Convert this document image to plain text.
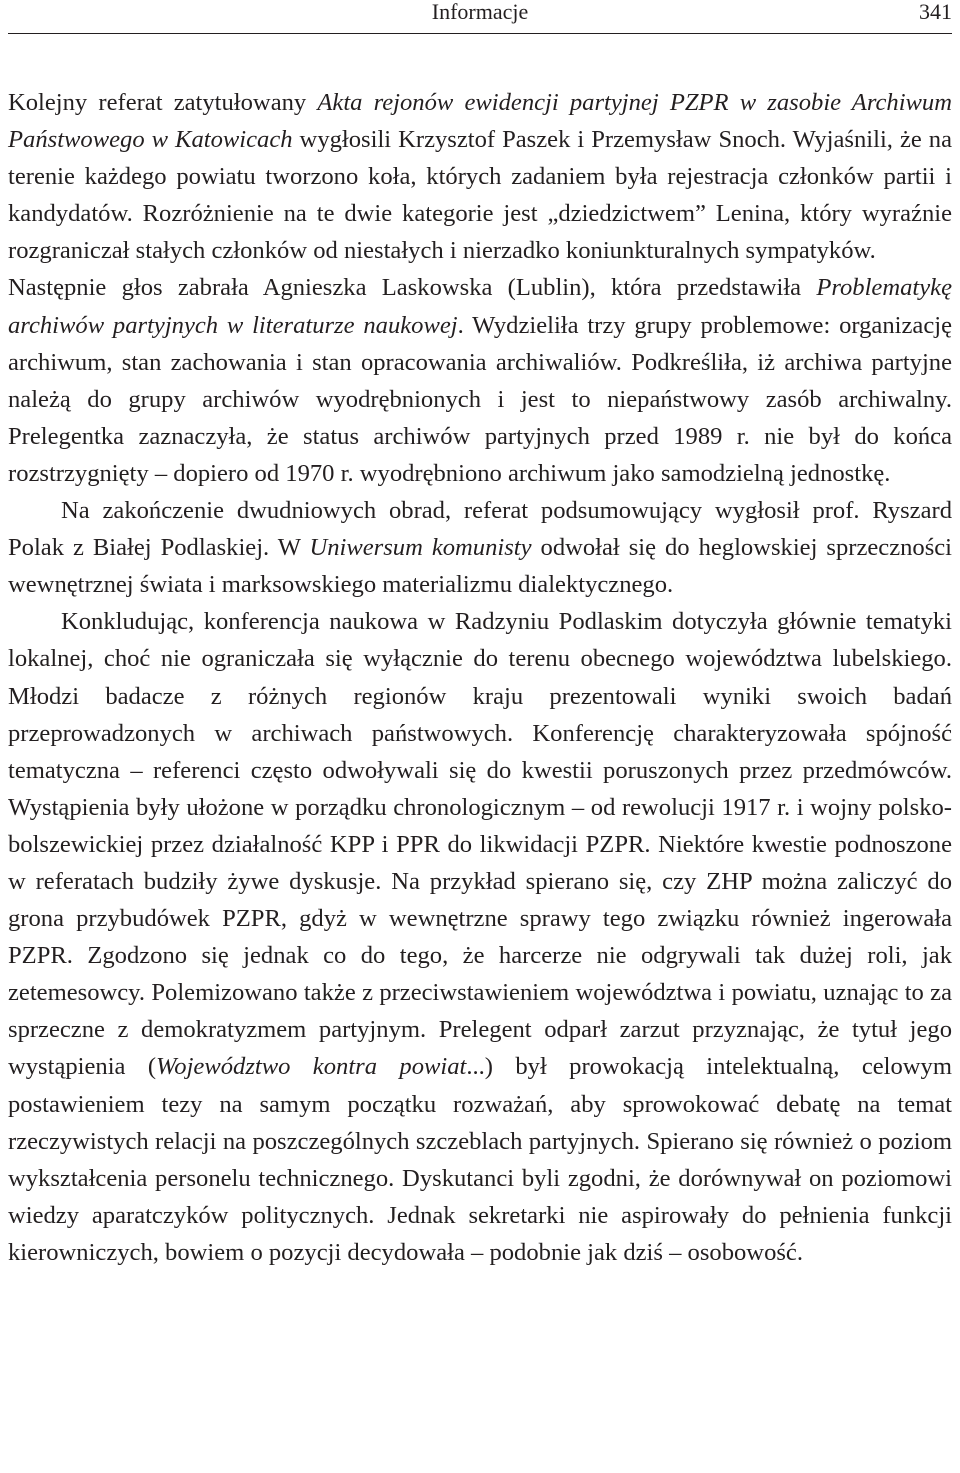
Informacje	341

Kolejny referat zatytułowany Akta rejonów ewidencji partyjnej PZPR w zasobie Archiwum Państwowego w Katowicach wygłosili Krzysztof Paszek i Przemysław Snoch. Wyjaśnili, że na terenie każdego powiatu tworzono koła, których zadaniem była rejestracja członków partii i kandydatów. Rozróżnienie na te dwie kategorie jest „dziedzictwem” Lenina, który wyraźnie rozgraniczał stałych członków od niestałych i nierzadko koniunkturalnych sympatyków.

Następnie głos zabrała Agnieszka Laskowska (Lublin), która przedstawiła Problematykę archiwów partyjnych w literaturze naukowej. Wydzieliła trzy grupy problemowe: organizację archiwum, stan zachowania i stan opracowania archiwaliów. Podkreśliła, iż archiwa partyjne należą do grupy archiwów wyodrębnionych i jest to niepaństwowy zasób archiwalny. Prelegentka zaznaczyła, że status archiwów partyjnych przed 1989 r. nie był do końca rozstrzygnięty – dopiero od 1970 r. wyodrębniono archiwum jako samodzielną jednostkę.

Na zakończenie dwudniowych obrad, referat podsumowujący wygłosił prof. Ryszard Polak z Białej Podlaskiej. W Uniwersum komunisty odwołał się do heglowskiej sprzeczności wewnętrznej świata i marksowskiego materializmu dialektycznego.

Konkludując, konferencja naukowa w Radzyniu Podlaskim dotyczyła głównie tematyki lokalnej, choć nie ograniczała się wyłącznie do terenu obecnego województwa lubelskiego. Młodzi badacze z różnych regionów kraju prezentowali wyniki swoich badań przeprowadzonych w archiwach państwowych. Konferencję charakteryzowała spójność tematyczna – referenci często odwoływali się do kwestii poruszonych przez przedmówców. Wystąpienia były ułożone w porządku chronologicznym – od rewolucji 1917 r. i wojny polsko-bolszewickiej przez działalność KPP i PPR do likwidacji PZPR. Niektóre kwestie podnoszone w referatach budziły żywe dyskusje. Na przykład spierano się, czy ZHP można zaliczyć do grona przybudówek PZPR, gdyż w wewnętrzne sprawy tego związku również ingerowała PZPR. Zgodzono się jednak co do tego, że harcerze nie odgrywali tak dużej roli, jak zetemesowcy. Polemizowano także z przeciwstawieniem województwa i powiatu, uznając to za sprzeczne z demokratyzmem partyjnym. Prelegent odparł zarzut przyznając, że tytuł jego wystąpienia (Województwo kontra powiat...) był prowokacją intelektualną, celowym postawieniem tezy na samym początku rozważań, aby sprowokować debatę na temat rzeczywistych relacji na poszczególnych szczeblach partyjnych. Spierano się również o poziom wykształcenia personelu technicznego. Dyskutanci byli zgodni, że dorównywał on poziomowi wiedzy aparatczyków politycznych. Jednak sekretarki nie aspirowały do pełnienia funkcji kierowniczych, bowiem o pozycji decydowała – podobnie jak dziś – osobowość.
